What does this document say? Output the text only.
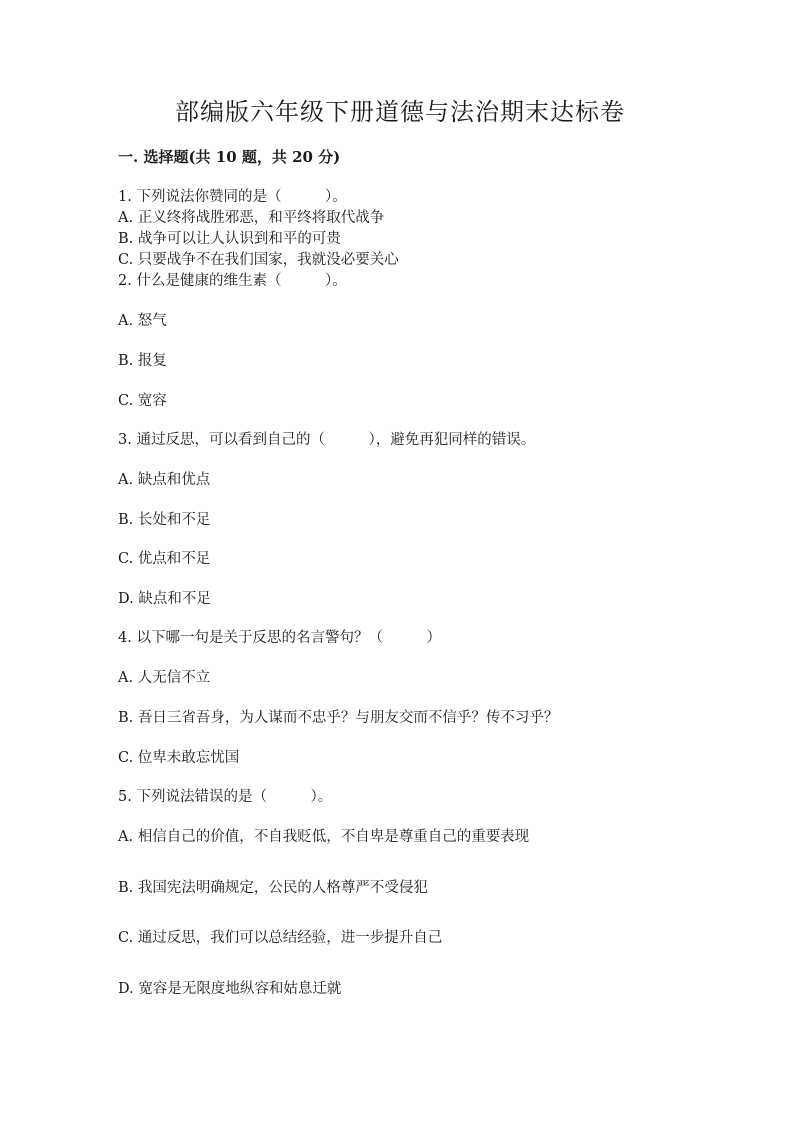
部编版六年级下册道德与法治期末达标卷
一. 选择题(共 10 题，共 20 分)

1. 下列说法你赞同的是（　　　）。

A. 正义终将战胜邪恶，和平终将取代战争

B. 战争可以让人认识到和平的可贵

C. 只要战争不在我们国家，我就没必要关心

2. 什么是健康的维生素（　　　）。

A. 怒气

B. 报复

C. 宽容

3. 通过反思，可以看到自己的（　　　），避免再犯同样的错误。

A. 缺点和优点

B. 长处和不足

C. 优点和不足

D. 缺点和不足

4. 以下哪一句是关于反思的名言警句？（　　　）

A. 人无信不立

B. 吾日三省吾身，为人谋而不忠乎？与朋友交而不信乎？传不习乎？

C. 位卑未敢忘忧国

5. 下列说法错误的是（　　　）。

A. 相信自己的价值，不自我贬低，不自卑是尊重自己的重要表现

B. 我国宪法明确规定，公民的人格尊严不受侵犯

C. 通过反思，我们可以总结经验，进一步提升自己

D. 宽容是无限度地纵容和姑息迁就
